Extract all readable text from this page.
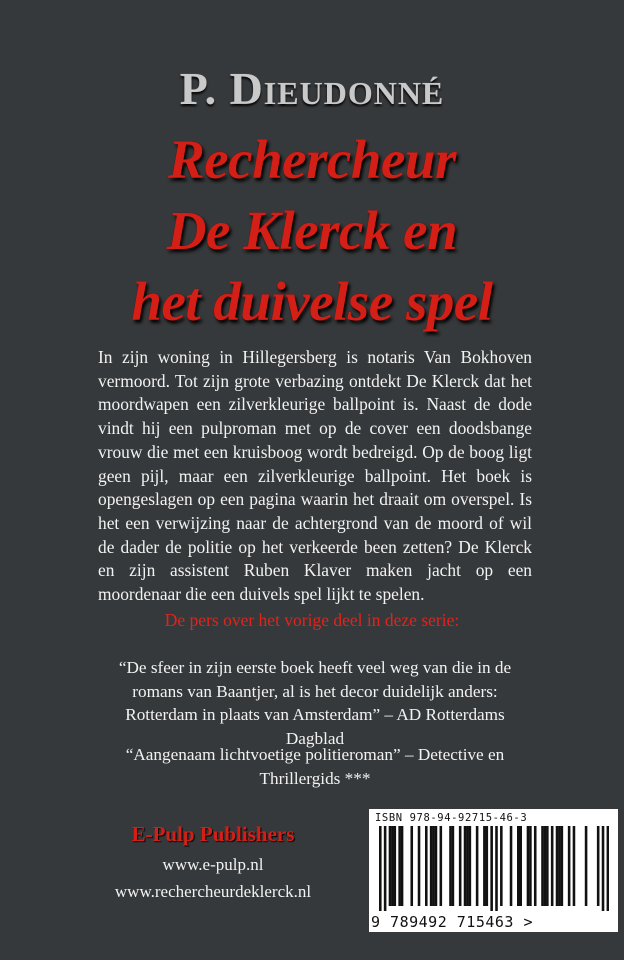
P. Dieudonné
Rechercheur
De Klerck en
het duivelse spel

In zijn woning in Hillegersberg is notaris Van Bokhoven vermoord. Tot zijn grote verbazing ontdekt De Klerck dat het moordwapen een zilverkleurige ballpoint is. Naast de dode vindt hij een pulproman met op de cover een doodsbange vrouw die met een kruisboog wordt bedreigd. Op de boog ligt geen pijl, maar een zilverkleurige ballpoint. Het boek is opengeslagen op een pagina waarin het draait om overspel. Is het een verwijzing naar de achtergrond van de moord of wil de dader de politie op het verkeerde been zetten? De Klerck en zijn assistent Ruben Klaver maken jacht op een moordenaar die een duivels spel lijkt te spelen.

De pers over het vorige deel in deze serie:

“De sfeer in zijn eerste boek heeft veel weg van die in de romans van Baantjer, al is het decor duidelijk anders: Rotterdam in plaats van Amsterdam” – AD Rotterdams Dagblad

“Aangenaam lichtvoetige politieroman” – Detective en Thrillergids ***

E-Pulp Publishers
www.e-pulp.nl
www.rechercheurdeklerck.nl
ISBN 978-94-92715-46-3
9 789492 715463 >
